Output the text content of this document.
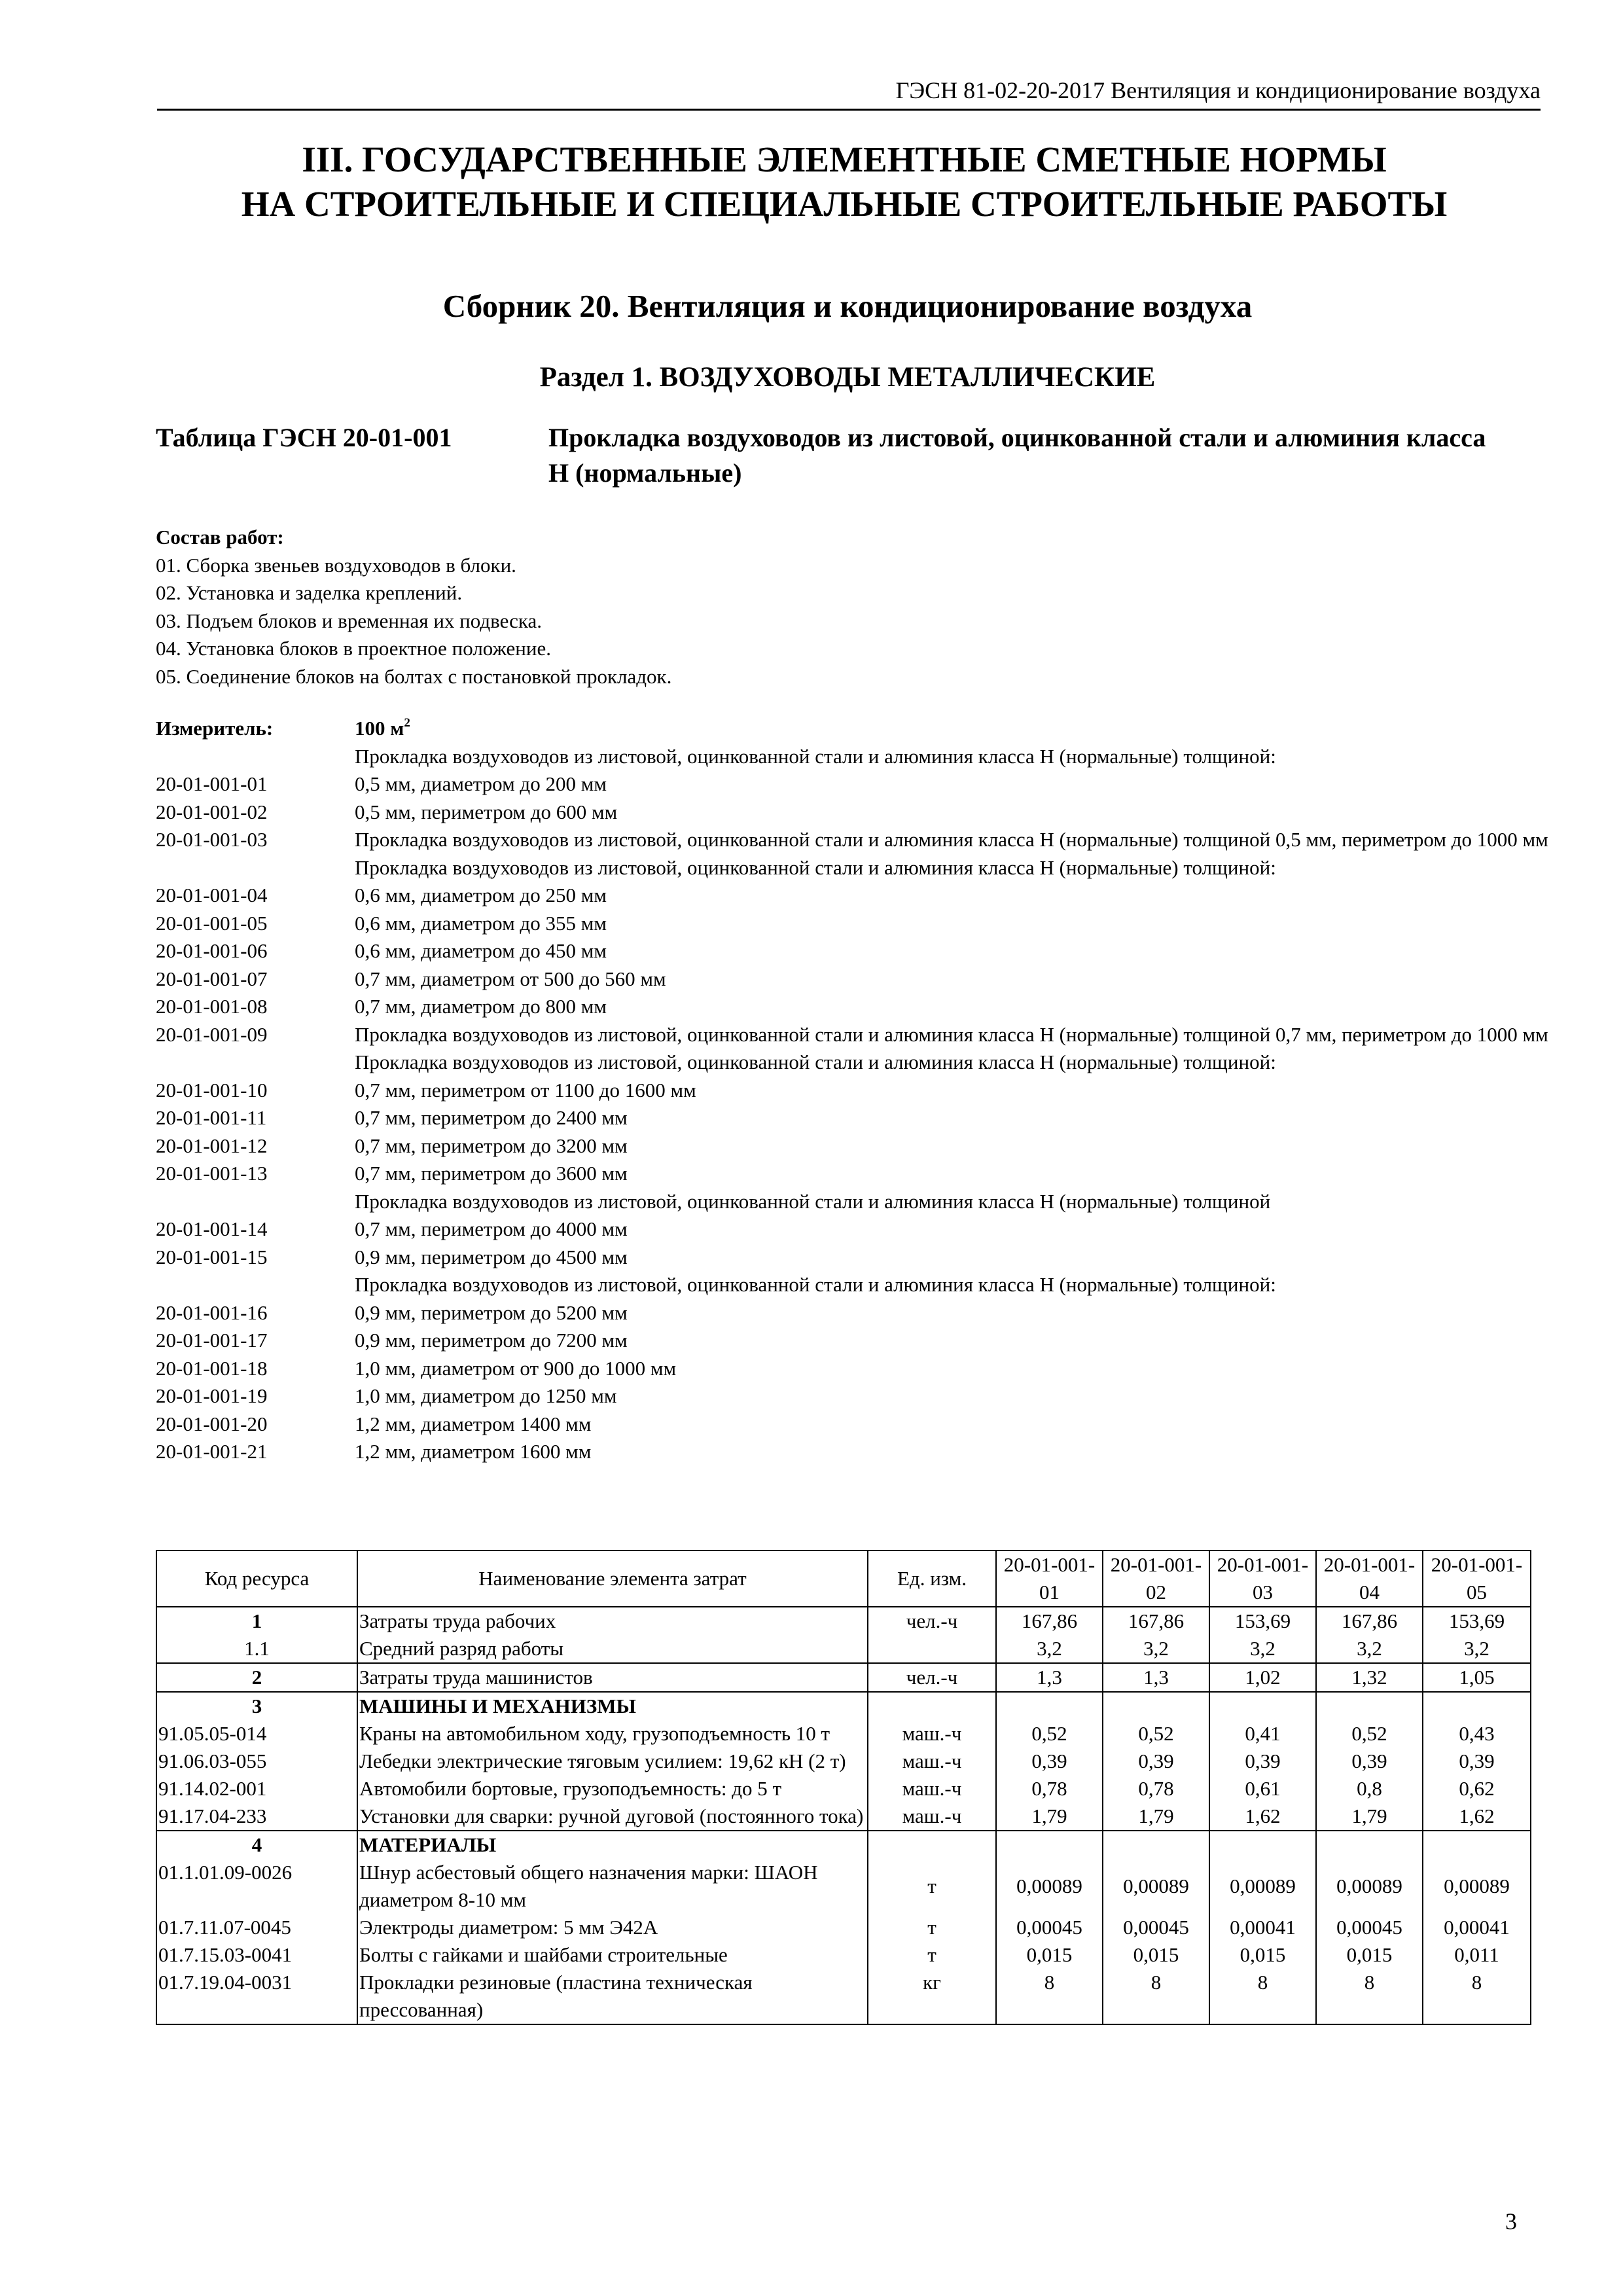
ГЭСН 81-02-20-2017 Вентиляция и кондиционирование воздуха
III. ГОСУДАРСТВЕННЫЕ ЭЛЕМЕНТНЫЕ СМЕТНЫЕ НОРМЫ
НА СТРОИТЕЛЬНЫЕ И СПЕЦИАЛЬНЫЕ СТРОИТЕЛЬНЫЕ РАБОТЫ
Сборник 20. Вентиляция и кондиционирование воздуха
Раздел 1. ВОЗДУХОВОДЫ МЕТАЛЛИЧЕСКИЕ
Таблица ГЭСН 20-01-001	Прокладка воздуховодов из листовой, оцинкованной стали и алюминия класса Н (нормальные)
Состав работ:
01. Сборка звеньев воздуховодов в блоки.
02. Установка и заделка креплений.
03. Подъем блоков и временная их подвеска.
04. Установка блоков в проектное положение.
05. Соединение блоков на болтах с постановкой прокладок.
Измеритель:	100 $м^2$
Прокладка воздуховодов из листовой, оцинкованной стали и алюминия класса Н (нормальные) толщиной:
20-01-001-01	0,5 мм, диаметром до 200 мм
20-01-001-02	0,5 мм, периметром до 600 мм
20-01-001-03	Прокладка воздуховодов из листовой, оцинкованной стали и алюминия класса Н (нормальные) толщиной 0,5 мм, периметром до 1000 мм
Прокладка воздуховодов из листовой, оцинкованной стали и алюминия класса Н (нормальные) толщиной:
20-01-001-04	0,6 мм, диаметром до 250 мм
20-01-001-05	0,6 мм, диаметром до 355 мм
20-01-001-06	0,6 мм, диаметром до 450 мм
20-01-001-07	0,7 мм, диаметром от 500 до 560 мм
20-01-001-08	0,7 мм, диаметром до 800 мм
20-01-001-09	Прокладка воздуховодов из листовой, оцинкованной стали и алюминия класса Н (нормальные) толщиной 0,7 мм, периметром до 1000 мм
Прокладка воздуховодов из листовой, оцинкованной стали и алюминия класса Н (нормальные) толщиной:
20-01-001-10	0,7 мм, периметром от 1100 до 1600 мм
20-01-001-11	0,7 мм, периметром до 2400 мм
20-01-001-12	0,7 мм, периметром до 3200 мм
20-01-001-13	0,7 мм, периметром до 3600 мм
Прокладка воздуховодов из листовой, оцинкованной стали и алюминия класса Н (нормальные) толщиной
20-01-001-14	0,7 мм, периметром до 4000 мм
20-01-001-15	0,9 мм, периметром до 4500 мм
Прокладка воздуховодов из листовой, оцинкованной стали и алюминия класса Н (нормальные) толщиной:
20-01-001-16	0,9 мм, периметром до 5200 мм
20-01-001-17	0,9 мм, периметром до 7200 мм
20-01-001-18	1,0 мм, диаметром от 900 до 1000 мм
20-01-001-19	1,0 мм, диаметром до 1250 мм
20-01-001-20	1,2 мм, диаметром 1400 мм
20-01-001-21	1,2 мм, диаметром 1600 мм
Код ресурса	Наименование элемента затрат	Ед. изм.	20-01-001-01	20-01-001-02	20-01-001-03	20-01-001-04	20-01-001-05
1	Затраты труда рабочих	чел.-ч	167,86	167,86	153,69	167,86	153,69
1.1	Средний разряд работы		3,2	3,2	3,2	3,2	3,2
2	Затраты труда машинистов	чел.-ч	1,3	1,3	1,02	1,32	1,05
3	МАШИНЫ И МЕХАНИЗМЫ						
91.05.05-014	Краны на автомобильном ходу, грузоподъемность 10 т	маш.-ч	0,52	0,52	0,41	0,52	0,43
91.06.03-055	Лебедки электрические тяговым усилием: 19,62 кН (2 т)	маш.-ч	0,39	0,39	0,39	0,39	0,39
91.14.02-001	Автомобили бортовые, грузоподъемность: до 5 т	маш.-ч	0,78	0,78	0,61	0,8	0,62
91.17.04-233	Установки для сварки: ручной дуговой (постоянного тока)	маш.-ч	1,79	1,79	1,62	1,79	1,62
4	МАТЕРИАЛЫ						
01.1.01.09-0026	Шнур асбестовый общего назначения марки: ШАОН диаметром 8-10 мм	т	0,00089	0,00089	0,00089	0,00089	0,00089
01.7.11.07-0045	Электроды диаметром: 5 мм Э42А	т	0,00045	0,00045	0,00041	0,00045	0,00041
01.7.15.03-0041	Болты с гайками и шайбами строительные	т	0,015	0,015	0,015	0,015	0,011
01.7.19.04-0031	Прокладки резиновые (пластина техническая прессованная)	кг	8	8	8	8	8
3
